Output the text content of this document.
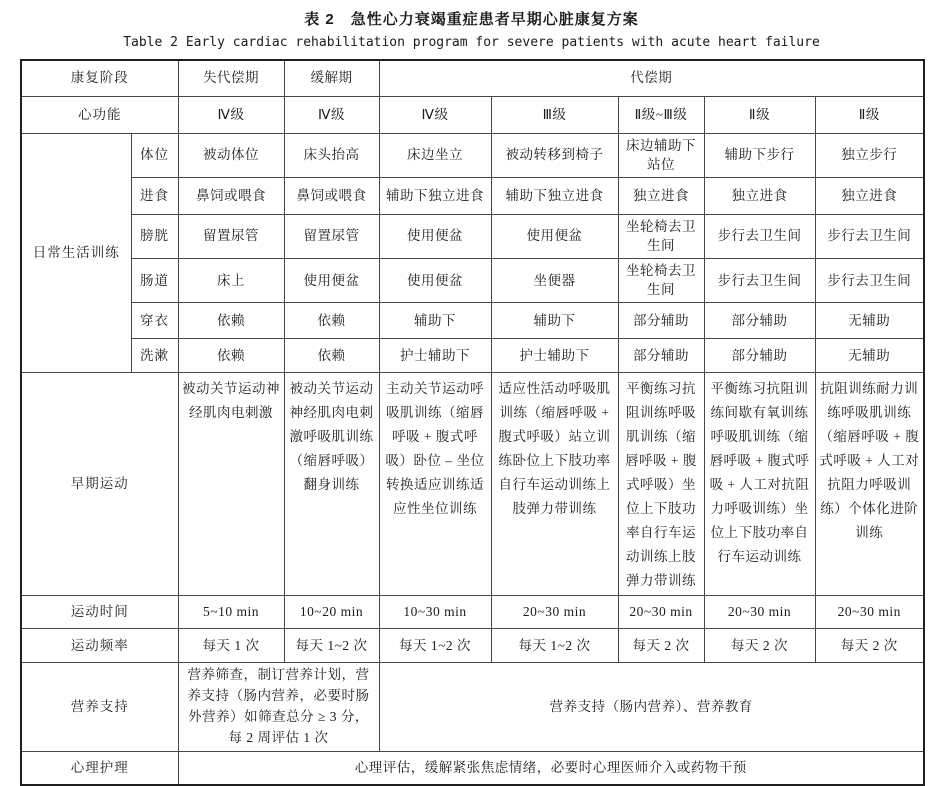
表 2　急性心力衰竭重症患者早期心脏康复方案
Table 2 Early cardiac rehabilitation program for severe patients with acute heart failure
康复阶段		失代偿期	缓解期	代偿期				
心功能		Ⅳ级	Ⅳ级	Ⅳ级	Ⅲ级	Ⅱ级~Ⅲ级	Ⅱ级	Ⅱ级
日常生活训练	体位	被动体位	床头抬高	床边坐立	被动转移到椅子	床边辅助下站位	辅助下步行	独立步行
	进食	鼻饲或喂食	鼻饲或喂食	辅助下独立进食	辅助下独立进食	独立进食	独立进食	独立进食
	膀胱	留置尿管	留置尿管	使用便盆	使用便盆	坐轮椅去卫生间	步行去卫生间	步行去卫生间
	肠道	床上	使用便盆	使用便盆	坐便器	坐轮椅去卫生间	步行去卫生间	步行去卫生间
	穿衣	依赖	依赖	辅助下	辅助下	部分辅助	部分辅助	无辅助
	洗漱	依赖	依赖	护士辅助下	护士辅助下	部分辅助	部分辅助	无辅助
早期运动		被动关节运动神经肌肉电刺激	被动关节运动神经肌肉电刺激呼吸肌训练（缩唇呼吸）翻身训练	主动关节运动呼吸肌训练（缩唇呼吸 + 腹式呼吸）卧位 – 坐位转换适应训练适应性坐位训练	适应性活动呼吸肌训练（缩唇呼吸 + 腹式呼吸）站立训练卧位上下肢功率自行车运动训练上肢弹力带训练	平衡练习抗阻训练呼吸肌训练（缩唇呼吸 + 腹式呼吸）坐位上下肢功率自行车运动训练上肢弹力带训练	平衡练习抗阻训练间歇有氧训练呼吸肌训练（缩唇呼吸 + 腹式呼吸 + 人工对抗阻力呼吸训练）坐位上下肢功率自行车运动训练	抗阻训练耐力训练呼吸肌训练（缩唇呼吸 + 腹式呼吸 + 人工对抗阻力呼吸训练）个体化进阶训练
运动时间		5~10 min	10~20 min	10~30 min	20~30 min	20~30 min	20~30 min	20~30 min
运动频率		每天 1 次	每天 1~2 次	每天 1~2 次	每天 1~2 次	每天 2 次	每天 2 次	每天 2 次
营养支持		营养筛查，制订营养计划，营养支持（肠内营养，必要时肠外营养）如筛查总分 ≥ 3 分，每 2 周评估 1 次		营养支持（肠内营养）、营养教育				
心理护理		心理评估，缓解紧张焦虑情绪，必要时心理医师介入或药物干预						
